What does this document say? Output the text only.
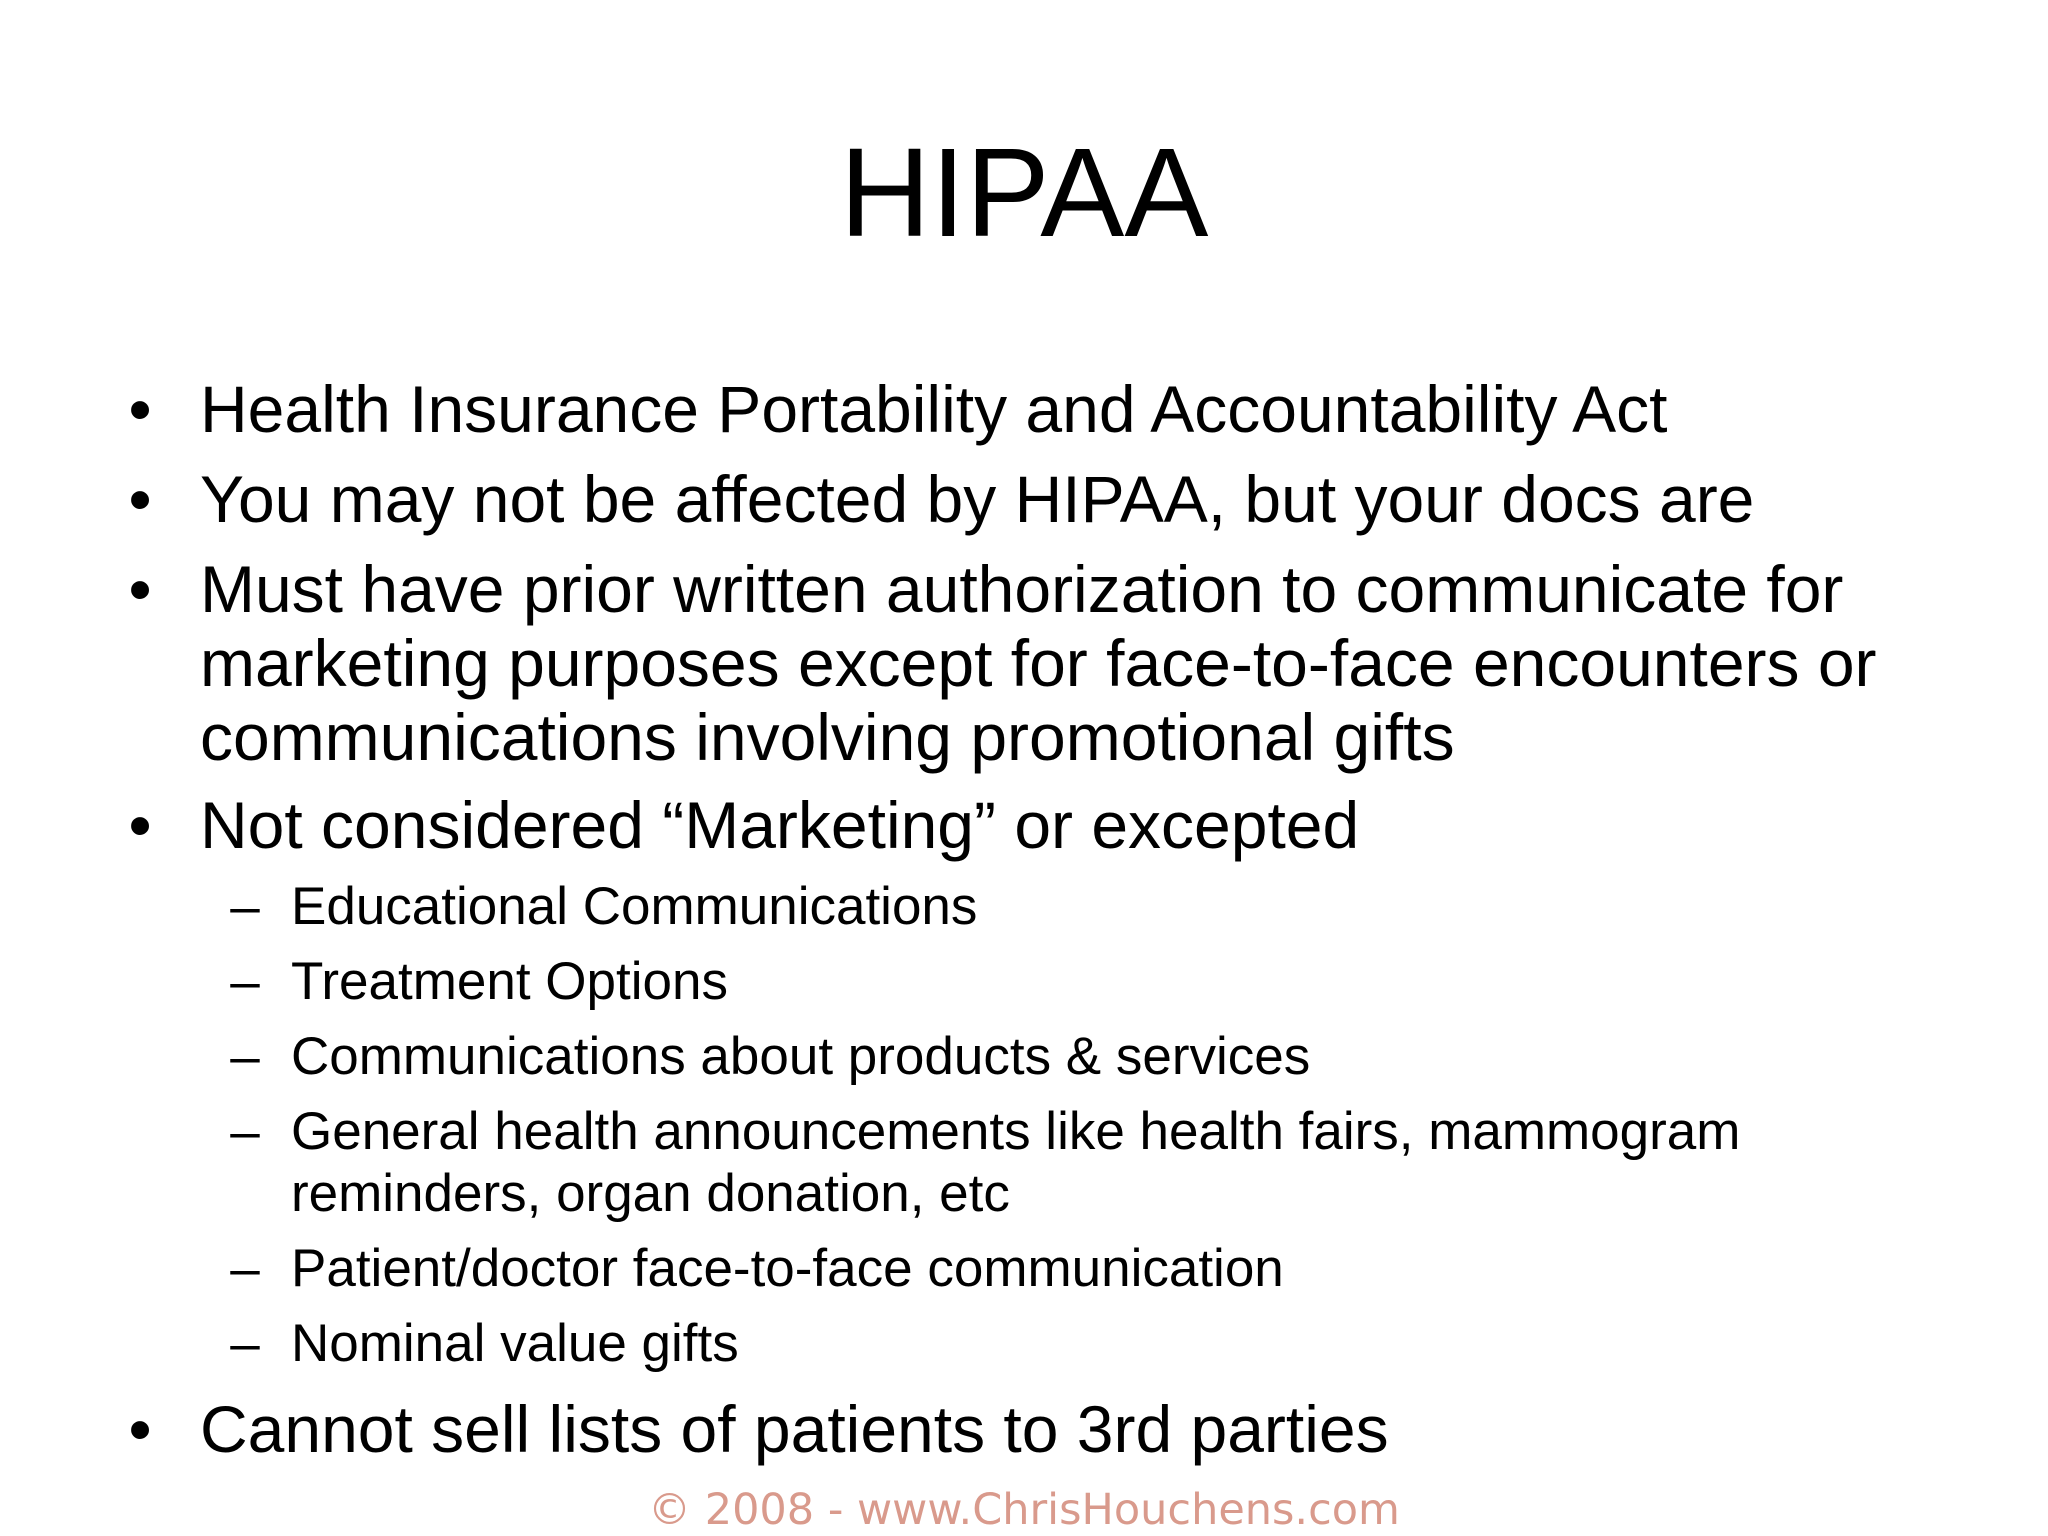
HIPAA
• Health Insurance Portability and Accountability Act
• You may not be affected by HIPAA, but your docs are
• Must have prior written authorization to communicate for marketing purposes except for face-to-face encounters or communications involving promotional gifts
• Not considered “Marketing” or excepted
– Educational Communications
– Treatment Options
– Communications about products & services
– General health announcements like health fairs, mammogram reminders, organ donation, etc
– Patient/doctor face-to-face communication
– Nominal value gifts
• Cannot sell lists of patients to 3rd parties
© 2008 - www.ChrisHouchens.com
